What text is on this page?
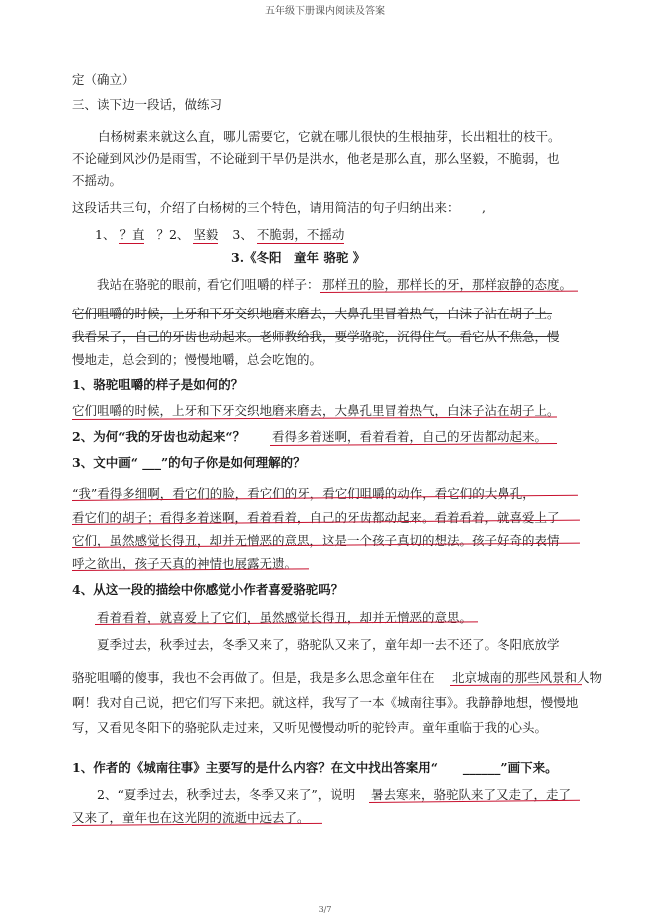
五年级下册课内阅读及答案
定（确立）
三、读下边一段话，做练习
白杨树素来就这么直，哪儿需要它，它就在哪儿很快的生根抽芽，长出粗壮的枝干。
不论碰到风沙仍是雨雪，不论碰到干旱仍是洪水，他老是那么直，那么坚毅，不脆弱，也
不摇动。
这段话共三句，介绍了白杨树的三个特色，请用简洁的句子归纳出来： ,
1、 ？直 ？2、 坚毅 3、 不脆弱，不摇动
3.《冬阳　童年 骆驼 》
我站在骆驼的眼前，
看它们咀嚼的样子： 那样丑的脸，那样长的牙，那样寂静的态度。
它们咀嚼的时候，上牙和下牙交织地磨来磨去，大鼻孔里冒着热气，白沫子沾在胡子上。
我看呆了，自己的牙齿也动起来。老师教给我，要学骆驼，沉得住气。看它从不焦急，慢
慢地走，总会到的；慢慢地嚼，总会吃饱的。
1、骆驼咀嚼的样子是如何的？
它们咀嚼的时候，上牙和下牙交织地磨来磨去，大鼻孔里冒着热气，白沫子沾在胡子上。
2、为何“我的牙齿也动起来“？ 看得多着迷啊，看着看着，自己的牙齿都动起来。
3、文中画“ ___”的句子你是如何理解的？
“我”看得多细啊，看它们的脸，看它们的牙，看它们咀嚼的动作，看它们的大鼻孔，
看它们的胡子；看得多着迷啊，看着看着，自己的牙齿都动起来。看着看着，就喜爱上了
它们，虽然感觉长得丑，却并无憎恶的意思，这是一个孩子真切的想法。孩子好奇的表情
呼之欲出，孩子天真的神情也展露无遗。
4、从这一段的描绘中你感觉小作者喜爱骆驼吗？
看着看着，就喜爱上了它们，虽然感觉长得丑，却并无憎恶的意思。
夏季过去，秋季过去，冬季又来了，骆驼队又来了，童年却一去不还了。冬阳底放学
骆驼咀嚼的傻事，我也不会再做了。但是，我是多么思念童年住在 北京城南的那些风景和人物
啊！我对自己说，把它们写下来把。就这样，我写了一本《城南往事》。我静静地想，慢慢地
写，又看见冬阳下的骆驼队走过来，又听见慢慢动听的驼铃声。童年重临于我的心头。
1、作者的《城南往事》主要写的是什么内容？在文中找出答案用“　　______”画下来。
2、“夏季过去，秋季过去，冬季又来了”，说明 暑去寒来，骆驼队来了又走了，走了
又来了，童年也在这光阴的流逝中远去了。
3/7
